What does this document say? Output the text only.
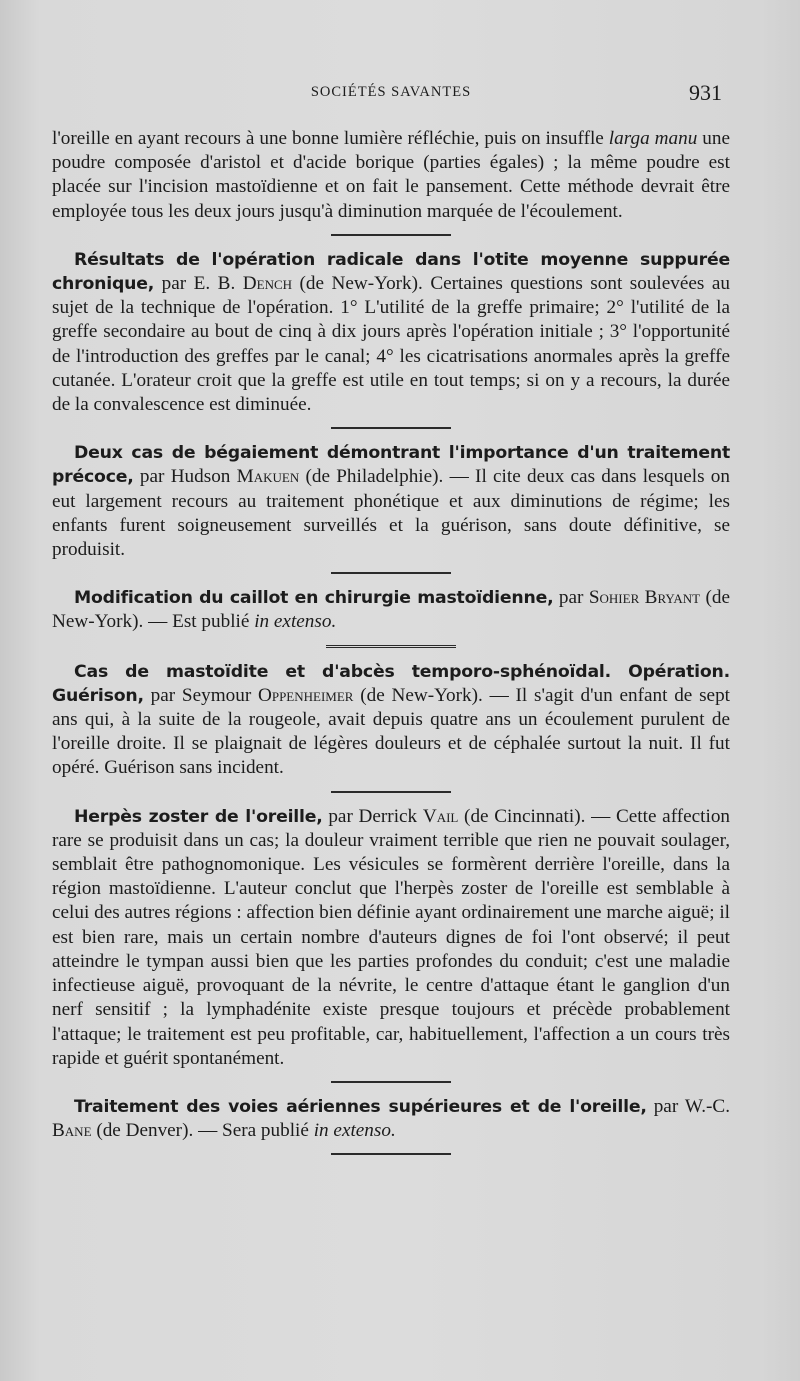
SOCIÉTÉS SAVANTES	931

l'oreille en ayant recours à une bonne lumière réfléchie, puis on insuffle larga manu une poudre composée d'aristol et d'acide borique (parties égales) ; la même poudre est placée sur l'incision mastoïdienne et on fait le pansement. Cette méthode devrait être employée tous les deux jours jusqu'à diminution marquée de l'écoulement.

Résultats de l'opération radicale dans l'otite moyenne suppurée chronique, par E. B. Dench (de New-York). Certaines questions sont soulevées au sujet de la technique de l'opération. 1° L'utilité de la greffe primaire; 2° l'utilité de la greffe secondaire au bout de cinq à dix jours après l'opération initiale ; 3° l'opportunité de l'introduction des greffes par le canal; 4° les cicatrisations anormales après la greffe cutanée. L'orateur croit que la greffe est utile en tout temps; si on y a recours, la durée de la convalescence est diminuée.

Deux cas de bégaiement démontrant l'importance d'un traitement précoce, par Hudson Makuen (de Philadelphie). — Il cite deux cas dans lesquels on eut largement recours au traitement phonétique et aux diminutions de régime; les enfants furent soigneusement surveillés et la guérison, sans doute définitive, se produisit.

Modification du caillot en chirurgie mastoïdienne, par Sohier Bryant (de New-York). — Est publié in extenso.

Cas de mastoïdite et d'abcès temporo-sphénoïdal. Opération. Guérison, par Seymour Oppenheimer (de New-York). — Il s'agit d'un enfant de sept ans qui, à la suite de la rougeole, avait depuis quatre ans un écoulement purulent de l'oreille droite. Il se plaignait de légères douleurs et de céphalée surtout la nuit. Il fut opéré. Guérison sans incident.

Herpès zoster de l'oreille, par Derrick Vail (de Cincinnati). — Cette affection rare se produisit dans un cas; la douleur vraiment terrible que rien ne pouvait soulager, semblait être pathognomonique. Les vésicules se formèrent derrière l'oreille, dans la région mastoïdienne. L'auteur conclut que l'herpès zoster de l'oreille est semblable à celui des autres régions : affection bien définie ayant ordinairement une marche aiguë; il est bien rare, mais un certain nombre d'auteurs dignes de foi l'ont observé; il peut atteindre le tympan aussi bien que les parties profondes du conduit; c'est une maladie infectieuse aiguë, provoquant de la névrite, le centre d'attaque étant le ganglion d'un nerf sensitif ; la lymphadénite existe presque toujours et précède probablement l'attaque; le traitement est peu profitable, car, habituellement, l'affection a un cours très rapide et guérit spontanément.

Traitement des voies aériennes supérieures et de l'oreille, par W.-C. Bane (de Denver). — Sera publié in extenso.
